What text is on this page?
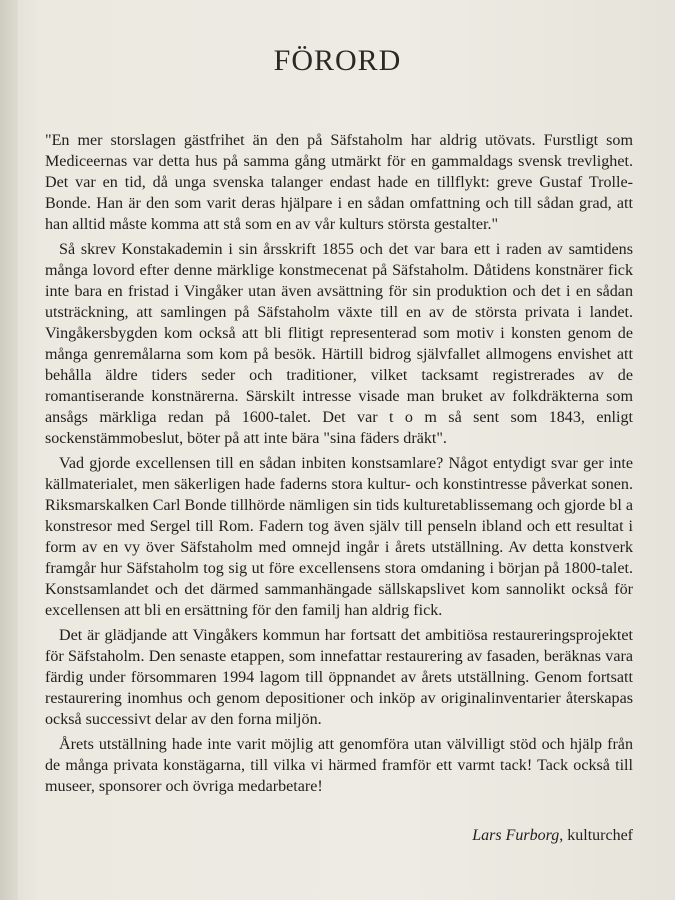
FÖRORD

"En mer storslagen gästfrihet än den på Säfstaholm har aldrig utövats. Furstligt som Mediceernas var detta hus på samma gång utmärkt för en gammaldags svensk trevlighet. Det var en tid, då unga svenska talanger endast hade en tillflykt: greve Gustaf Trolle-Bonde. Han är den som varit deras hjälpare i en sådan omfattning och till sådan grad, att han alltid måste komma att stå som en av vår kulturs största gestalter."

Så skrev Konstakademin i sin årsskrift 1855 och det var bara ett i raden av samtidens många lovord efter denne märklige konstmecenat på Säfstaholm. Dåtidens konstnärer fick inte bara en fristad i Vingåker utan även avsättning för sin produktion och det i en sådan utsträckning, att samlingen på Säfstaholm växte till en av de största privata i landet. Vingåkersbygden kom också att bli flitigt representerad som motiv i konsten genom de många genremålarna som kom på besök. Härtill bidrog självfallet allmogens envishet att behålla äldre tiders seder och traditioner, vilket tacksamt registrerades av de romantiserande konstnärerna. Särskilt intresse visade man bruket av folkdräkterna som ansågs märkliga redan på 1600-talet. Det var t o m så sent som 1843, enligt sockenstämmobeslut, böter på att inte bära "sina fäders dräkt".

Vad gjorde excellensen till en sådan inbiten konstsamlare? Något entydigt svar ger inte källmaterialet, men säkerligen hade faderns stora kultur- och konstintresse påverkat sonen. Riksmarskalken Carl Bonde tillhörde nämligen sin tids kulturetablissemang och gjorde bl a konstresor med Sergel till Rom. Fadern tog även själv till penseln ibland och ett resultat i form av en vy över Säfstaholm med omnejd ingår i årets utställning. Av detta konstverk framgår hur Säfstaholm tog sig ut före excellensens stora omdaning i början på 1800-talet. Konstsamlandet och det därmed sammanhängade sällskapslivet kom sannolikt också för excellensen att bli en ersättning för den familj han aldrig fick.

Det är glädjande att Vingåkers kommun har fortsatt det ambitiösa restaureringsprojektet för Säfstaholm. Den senaste etappen, som innefattar restaurering av fasaden, beräknas vara färdig under försommaren 1994 lagom till öppnandet av årets utställning. Genom fortsatt restaurering inomhus och genom depositioner och inköp av originalinventarier återskapas också successivt delar av den forna miljön.

Årets utställning hade inte varit möjlig att genomföra utan välvilligt stöd och hjälp från de många privata konstägarna, till vilka vi härmed framför ett varmt tack! Tack också till museer, sponsorer och övriga medarbetare!

Lars Furborg, kulturchef
